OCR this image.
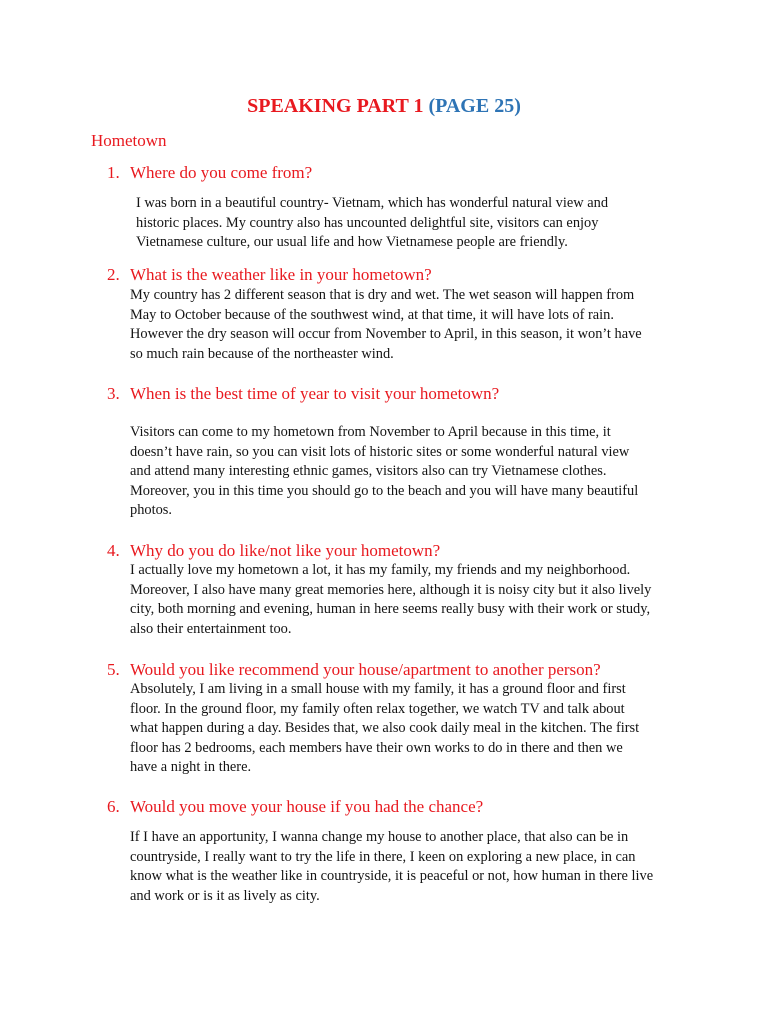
SPEAKING PART 1 (PAGE 25)
Hometown
1. Where do you come from?
I was born in a beautiful country- Vietnam, which has wonderful natural view and
historic places. My country also has uncounted delightful site, visitors can enjoy
Vietnamese culture, our usual life and how Vietnamese people are friendly.
2. What is the weather like in your hometown?
My country has 2 different season that is dry and wet. The wet season will happen from
May to October because of the southwest wind, at that time, it will have lots of rain.
However the dry season will occur from November to April, in this season, it won’t have
so much rain because of the northeaster wind.
3. When is the best time of year to visit your hometown?
Visitors can come to my hometown from November to April because in this time, it
doesn’t have rain, so you can visit lots of historic sites or some wonderful natural view
and attend many interesting ethnic games, visitors also can try Vietnamese clothes.
Moreover, you in this time you should go to the beach and you will have many beautiful
photos.
4. Why do you do like/not like your hometown?
I actually love my hometown a lot, it has my family, my friends and my neighborhood.
Moreover, I also have many great memories here, although it is noisy city but it also lively
city, both morning and evening, human in here seems really busy with their work or study,
also their entertainment too.
5. Would you like recommend your house/apartment to another person?
Absolutely, I am living in a small house with my family, it has a ground floor and first
floor. In the ground floor, my family often relax together, we watch TV and talk about
what happen during a day. Besides that, we also cook daily meal in the kitchen. The first
floor has 2 bedrooms, each members have their own works to do in there and then we
have a night in there.
6. Would you move your house if you had the chance?
If I have an apportunity, I wanna change my house to another place, that also can be in
countryside, I really want to try the life in there, I keen on exploring a new place, in can
know what is the weather like in countryside, it is peaceful or not, how human in there live
and work or is it as lively as city.
